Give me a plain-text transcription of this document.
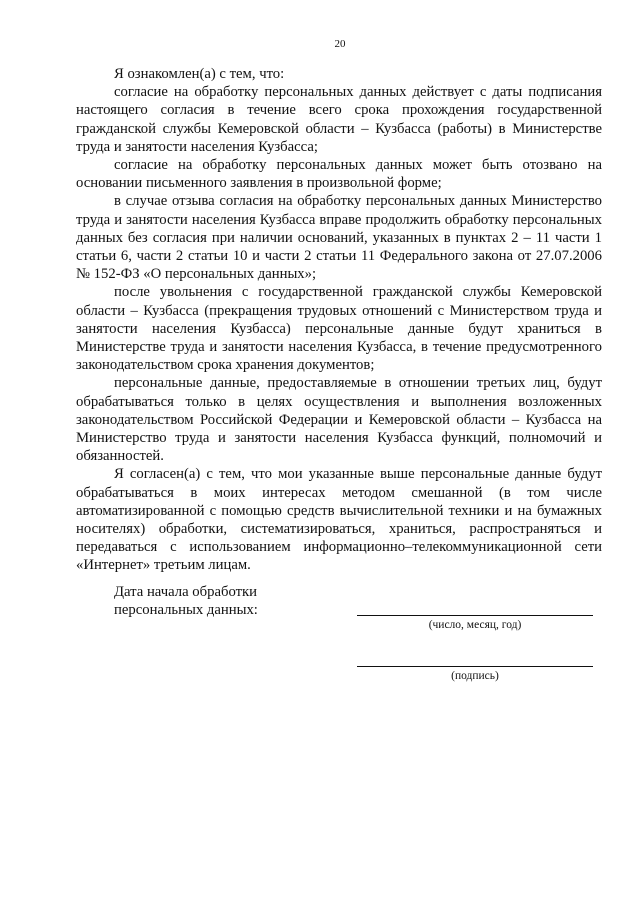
20

Я ознакомлен(а) с тем, что:

согласие на обработку персональных данных действует с даты подписания настоящего согласия в течение всего срока прохождения государственной гражданской службы Кемеровской области – Кузбасса (работы) в Министерстве труда и занятости населения Кузбасса;

согласие на обработку персональных данных может быть отозвано на основании письменного заявления в произвольной форме;

в случае отзыва согласия на обработку персональных данных Министерство труда и занятости населения Кузбасса вправе продолжить обработку персональных данных без согласия при наличии оснований, указанных в пунктах 2 – 11 части 1 статьи 6, части 2 статьи 10 и части 2 статьи 11 Федерального закона от 27.07.2006 № 152-ФЗ «О персональных данных»;

после увольнения с государственной гражданской службы Кемеровской области – Кузбасса (прекращения трудовых отношений с Министерством труда и занятости населения Кузбасса) персональные данные будут храниться в Министерстве труда и занятости населения Кузбасса, в течение предусмотренного законодательством срока хранения документов;

персональные данные, предоставляемые в отношении третьих лиц, будут обрабатываться только в целях осуществления и выполнения возложенных законодательством Российской Федерации и Кемеровской области – Кузбасса на Министерство труда и занятости населения Кузбасса функций, полномочий и обязанностей.

Я согласен(а) с тем, что мои указанные выше персональные данные будут обрабатываться в моих интересах методом смешанной (в том числе автоматизированной с помощью средств вычислительной техники и на бумажных носителях) обработки, систематизироваться, храниться, распространяться и передаваться с использованием информационно–телекоммуникационной сети «Интернет» третьим лицам.

Дата начала обработки
персональных данных:
(число, месяц, год)
(подпись)
